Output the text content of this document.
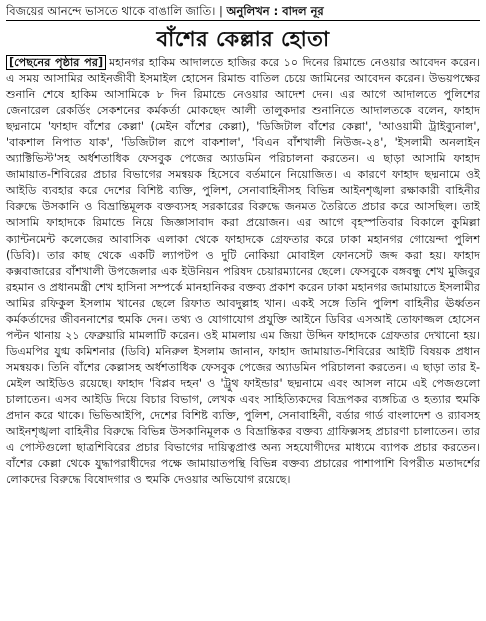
বিজয়ের আনন্দে ভাসতে থাকে বাঙালি জাতি। | অনুলিখন : বাদল নূর
বাঁশের কেল্লার হোতা

[পেছনের পৃষ্ঠার পর] মহানগর হাকিম আদালতে হাজির করে ১০ দিনের রিমান্ডে নেওয়ার আবেদন করেন। এ সময় আসামির আইনজীবী ইসমাইল হোসেন রিমান্ড বাতিল চেয়ে জামিনের আবেদন করেন। উভয়পক্ষের শুনানি শেষে হাকিম আসামিকে ৮ দিন রিমান্ডে নেওয়ার আদেশ দেন। এর আগে আদালতে পুলিশের জেনারেল রেকর্ডিং সেকশনের কর্মকর্তা মোকছেদ আলী তালুকদার শুনানিতে আদালতকে বলেন, ফাহাদ ছদ্মনামে 'ফাহাদ বাঁশের কেল্লা' (মেইন বাঁশের কেল্লা), 'ডিজিটাল বাঁশের কেল্লা', 'আওয়ামী ট্রাইব্যুনাল', 'বাকশাল নিপাত যাক', 'ডিজিটাল রূপে বাকশাল', 'বিএন বাঁশখালী নিউজ-২৪', 'ইসলামী অনলাইন অ্যাক্টিভিস্ট'সহ অর্ধশতাধিক ফেসবুক পেজের অ্যাডমিন পরিচালনা করতেন। এ ছাড়া আসামি ফাহাদ জামায়াত-শিবিরের প্রচার বিভাগের সমন্বয়ক হিসেবে বর্তমানে নিয়োজিত। এ কারণে ফাহাদ ছদ্মনামে ওই আইডি ব্যবহার করে দেশের বিশিষ্ট ব্যক্তি, পুলিশ, সেনাবাহিনীসহ বিভিন্ন আইনশৃঙ্খলা রক্ষাকারী বাহিনীর বিরুদ্ধে উসকানি ও বিভ্রান্তিমূলক বক্তব্যসহ সরকারের বিরুদ্ধে জনমত তৈরিতে প্রচার করে আসছিল। তাই আসামি ফাহাদকে রিমান্ডে নিয়ে জিজ্ঞাসাবাদ করা প্রয়োজন। এর আগে বৃহস্পতিবার বিকালে কুমিল্লা ক্যান্টনমেন্ট কলেজের আবাসিক এলাকা থেকে ফাহাদকে গ্রেফতার করে ঢাকা মহানগর গোয়েন্দা পুলিশ (ডিবি)। তার কাছ থেকে একটি ল্যাপটপ ও দুটি নোকিয়া মোবাইল ফোনসেট জব্দ করা হয়। ফাহাদ কক্সবাজারের বাঁশখালী উপজেলার এক ইউনিয়ন পরিষদ চেয়ারম্যানের ছেলে। ফেসবুকে বঙ্গবন্ধু শেখ মুজিবুর রহমান ও প্রধানমন্ত্রী শেখ হাসিনা সম্পর্কে মানহানিকর বক্তব্য প্রকাশ করেন ঢাকা মহানগর জামায়াতে ইসলামীর আমির রফিকুল ইসলাম খানের ছেলে রিফাত আবদুল্লাহ খান। একই সঙ্গে তিনি পুলিশ বাহিনীর ঊর্ধ্বতন কর্মকর্তাদের জীবননাশের হুমকি দেন। তথ্য ও যোগাযোগ প্রযুক্তি আইনে ডিবির এসআই তোফাজ্জল হোসেন পল্টন থানায় ২১ ফেব্রুয়ারি মামলাটি করেন। ওই মামলায় এম জিয়া উদ্দিন ফাহাদকে গ্রেফতার দেখানো হয়। ডিএমপির যুগ্ম কমিশনার (ডিবি) মনিরুল ইসলাম জানান, ফাহাদ জামায়াত-শিবিরের আইটি বিষয়ক প্রধান সমন্বয়ক। তিনি বাঁশের কেল্লাসহ অর্ধশতাধিক ফেসবুক পেজের অ্যাডমিন পরিচালনা করতেন। এ ছাড়া তার ই-মেইল আইডিও রয়েছে। ফাহাদ 'বিপ্লব দহন' ও 'ট্রুথ ফাইন্ডার' ছদ্মনামে এবং আসল নামে এই পেজগুলো চালাতেন। এসব আইডি দিয়ে বিচার বিভাগ, লেখক এবং সাহিত্যিকদের বিদ্রূপকর ব্যঙ্গচিত্র ও হত্যার হুমকি প্রদান করে থাকে। ভিভিআইপি, দেশের বিশিষ্ট ব্যক্তি, পুলিশ, সেনাবাহিনী, বর্ডার গার্ড বাংলাদেশ ও র‌্যাবসহ আইনশৃঙ্খলা বাহিনীর বিরুদ্ধে বিভিন্ন উসকানিমূলক ও বিভ্রান্তিকর বক্তব্য গ্রাফিক্সসহ প্রচারণা চালাতেন। তার এ পোস্টগুলো ছাত্রশিবিরের প্রচার বিভাগের দায়িত্বপ্রাপ্ত অন্য সহযোগীদের মাধ্যমে ব্যাপক প্রচার করতেন। বাঁশের কেল্লা থেকে যুদ্ধাপরাধীদের পক্ষে জামায়াতপন্থি বিভিন্ন বক্তব্য প্রচারের পাশাপাশি বিপরীত মতাদর্শের লোকদের বিরুদ্ধে বিষোদগার ও হুমকি দেওয়ার অভিযোগ রয়েছে।
